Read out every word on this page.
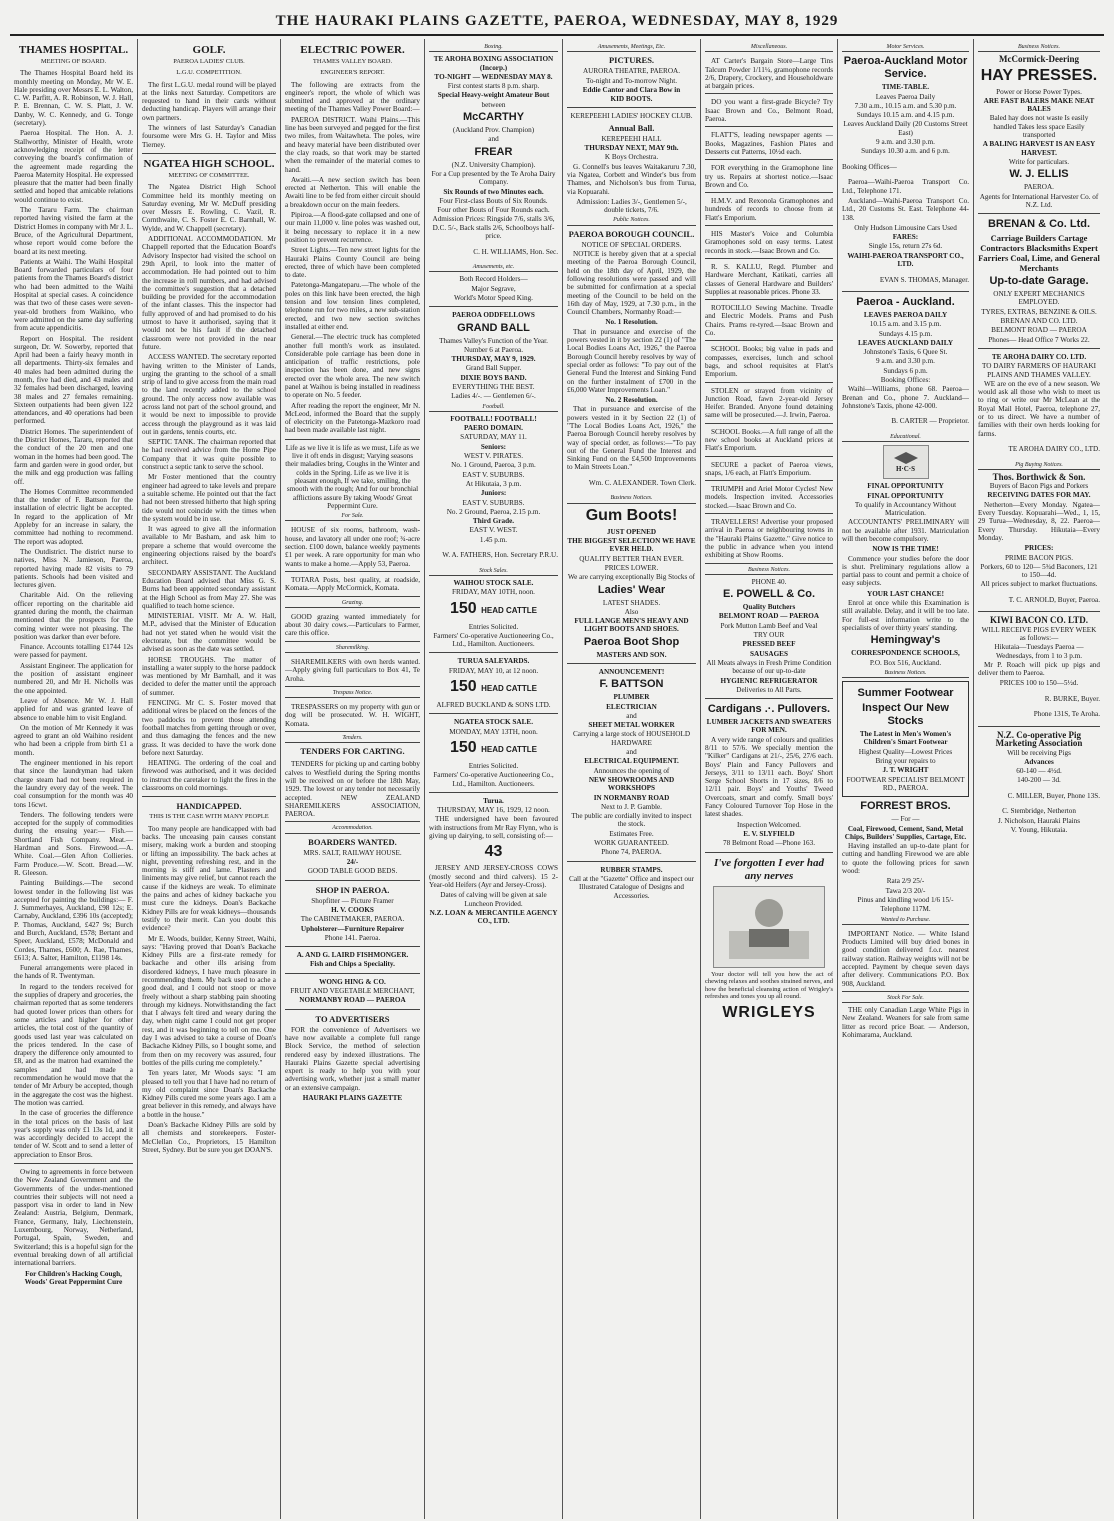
THE HAURAKI PLAINS GAZETTE, PAEROA, WEDNESDAY, MAY 8, 1929
THAMES HOSPITAL.
MEETING OF BOARD.

The Thames Hospital Board held its monthly meeting on Monday, Mr W. E. Hale presiding over Messrs E. L. Walton, C. W. Parfitt, A. R. Robinson, W. J. Hall, P. E. Brennan, C. W. S. Platt, J. W. Danby, W. C. Kennedy, and G. Tonge (secretary).

Paeroa Hospital. The Hon. A. J. Stallworthy, Minister of Health, wrote acknowledging receipt of the letter conveying the board's confirmation of the agreement made regarding the Paeroa Maternity Hospital. He expressed pleasure that the matter had been finally settled and hoped that amicable relations would continue to exist.

The Tararu Farm. The chairman reported having visited the farm at the District Homes in company with Mr J. L. Bruce, of the Agricultural Department, whose report would come before the board at its next meeting.

Patients at Waihi. The Waihi Hospital Board forwarded particulars of four patients from the Thames Board's district who had been admitted to the Waihi Hospital at special cases. A coincidence was that two of these cases were seven-year-old brothers from Waikino, who were admitted on the same day suffering from acute appendicitis.

Report on Hospital. The resident surgeon, Dr. W. Sowerby, reported that April had been a fairly heavy month in all departments. Thirty-six females and 40 males had been admitted during the month, five had died, and 43 males and 32 females had been discharged, leaving 38 males and 27 females remaining. Sixteen outpatients had been given 122 attendances, and 40 operations had been performed.

District Homes. The superintendent of the District Homes, Tararu, reported that the conduct of the 20 men and one woman in the homes had been good. The farm and garden were in good order, but the milk and egg production was falling off.

The Homes Committee recommended that the tender of F. Battson for the installation of electric light be accepted. In regard to the application of Mr Appleby for an increase in salary, the committee had nothing to recommend. The report was adopted.

The Outdistrict. The district nurse to natives, Miss N. Jamieson, Paeroa, reported having made 82 visits to 79 patients. Schools had been visited and lectures given.

Charitable Aid. On the relieving officer reporting on the charitable aid granted during the month, the chairman mentioned that the prospects for the coming winter were not pleasing. The position was darker than ever before.

Finance. Accounts totalling £1744 12s were passed for payment.

Assistant Engineer. The application for the position of assistant engineer numbered 20, and Mr H. Nicholls was the one appointed.

Leave of Absence. Mr W. J. Hall applied for and was granted leave of absence to enable him to visit England.

On the motion of Mr Kennedy it was agreed to grant an old Waihino resident who had been a cripple from birth £1 a month.

The engineer mentioned in his report that since the laundryman had taken charge steam had not been required in the laundry every day of the week. The coal consumption for the month was 40 tons 16cwt.

Tenders. The following tenders were accepted for the supply of commodities during the ensuing year:— Fish.—Shortland Fish Company. Meat.—Hardman and Sons. Firewood.—A. White. Coal.—Glen Afton Collieries. Farm Produce.—W. Scott. Bread.—W. R. Gleeson.

Painting Buildings.—The second lowest tender in the following list was accepted for painting the buildings:— F. J. Summerhayes, Auckland, £98 12s; E. Carnaby, Auckland, £396 10s (accepted); P. Thomas, Auckland, £427 9s; Burch and Burch, Auckland, £578; Bertant and Speer, Auckland, £578; McDonald and Cordes, Thames, £600; A. Rae, Thames, £613; A. Salter, Hamilton, £1198 14s.

Funeral arrangements were placed in the hands of R. Twentyman.

In regard to the tenders received for the supplies of drapery and groceries, the chairman reported that as some tenderers had quoted lower prices than others for some articles and higher for other articles, the total cost of the quantity of goods used last year was calculated on the prices tendered. In the case of drapery the difference only amounted to £8, and as the matron had examined the samples and had made a recommendation he would move that the tender of Mr Arbury be accepted, though in the aggregate the cost was the highest. The motion was carried.

In the case of groceries the difference in the total prices on the basis of last year's supply was only £1 13s 1d, and it was accordingly decided to accept the tender of W. Scott and to send a letter of appreciation to Ensor Bros.

Owing to agreements in force between the New Zealand Government and the Governments of the under-mentioned countries their subjects will not need a passport visa in order to land in New Zealand: Austria, Belgium, Denmark, France, Germany, Italy, Liechtenstein, Luxembourg, Norway, Netherland, Portugal, Spain, Sweden, and Switzerland; this is a hopeful sign for the eventual breaking down of all artificial international barriers.

For Children's Hacking Cough, Woods' Great Peppermint Cure

GOLF.
PAEROA LADIES' CLUB.
L.G.U. COMPETITION.

The first L.G.U. medal round will be played at the links next Saturday. Competitors are requested to hand in their cards without deducting handicap. Players will arrange their own partners.

The winners of last Saturday's Canadian foursome were Mrs G. H. Taylor and Miss Tierney.

NGATEA HIGH SCHOOL.
MEETING OF COMMITTEE.

The Ngatea District High School Committee held its monthly meeting on Saturday evening, Mr W. McDuff presiding over Messrs E. Rowling, C. Vazil, R. Cornthwaite, C. S. Foster E. C. Barnhall, W. Wylde, and W. Chappell (secretary).

ADDITIONAL ACCOMMODATION. Mr Chappell reported that the Education Board's Advisory Inspector had visited the school on 29th April, to look into the matter of accommodation. He had pointed out to him the increase in roll numbers, and had advised the committee's suggestion that a detached building be provided for the accommodation of the infant classes. This the inspector had fully approved of and had promised to do his utmost to have it authorised, saying that it would not be his fault if the detached classroom were not provided in the near future.

ACCESS WANTED. The secretary reported having written to the Minister of Lands, urging the granting to the school of a small strip of land to give access from the main road to the land recently added to the school ground. The only access now available was across land not part of the school ground, and it would be next to impossible to provide access through the playground as it was laid out in gardens, tennis courts, etc.

SEPTIC TANK. The chairman reported that he had received advice from the Home Pipe Company that it was quite possible to construct a septic tank to serve the school.

Mr Foster mentioned that the country engineer had agreed to take levels and prepare a suitable scheme. He pointed out that the fact had not been stressed hitherto that high spring tide would not coincide with the times when the system would be in use.

It was agreed to give all the information available to Mr Basham, and ask him to prepare a scheme that would overcome the engineering objections raised by the board's architect.

SECONDARY ASSISTANT. The Auckland Education Board advised that Miss G. S. Burns had been appointed secondary assistant at the High School as from May 27. She was qualified to teach home science.

MINISTERIAL VISIT. Mr A. W. Hall, M.P., advised that the Minister of Education had not yet stated when he would visit the electorate, but the committee would be advised as soon as the date was settled.

HORSE TROUGHS. The matter of installing a water supply to the horse paddock was mentioned by Mr Barnhall, and it was decided to defer the matter until the approach of summer.

FENCING. Mr C. S. Foster moved that additional wires be placed on the fences of the two paddocks to prevent those attending football matches from getting through or over, and thus damaging the fences and the new grass. It was decided to have the work done before next Saturday.

HEATING. The ordering of the coal and firewood was authorised, and it was decided to instruct the caretaker to light the fires in the classrooms on cold mornings.

HANDICAPPED.
THIS IS THE CASE WITH MANY PEOPLE

Too many people are handicapped with bad backs. The unceasing pain causes constant misery, making work a burden and stooping or lifting an impossibility. The back aches at night, preventing refreshing rest, and in the morning is stiff and lame. Plasters and liniments may give relief, but cannot reach the cause if the kidneys are weak. To eliminate the pains and aches of kidney backache you must cure the kidneys. Doan's Backache Kidney Pills are for weak kidneys—thousands testify to their merit. Can you doubt this evidence?

Mr E. Woods, builder, Kenny Street, Waihi, says: "Having proved that Doan's Backache Kidney Pills are a first-rate remedy for backache and other ills arising from disordered kidneys, I have much pleasure in recommending them. My back used to ache a good deal, and I could not stoop or move freely without a sharp stabbing pain shooting through my kidneys. Notwithstanding the fact that I always felt tired and weary during the day, when night came I could not get proper rest, and it was beginning to tell on me. One day I was advised to take a course of Doan's Backache Kidney Pills, so I bought some, and from then on my recovery was assured, four bottles of the pills curing me completely."

Ten years later, Mr Woods says: "I am pleased to tell you that I have had no return of my old complaint since Doan's Backache Kidney Pills cured me some years ago. I am a great believer in this remedy, and always have a bottle in the house."

Doan's Backache Kidney Pills are sold by all chemists and storekeepers. Foster-McClellan Co., Proprietors, 15 Hamilton Street, Sydney. But be sure you get DOAN'S.

ELECTRIC POWER.
THAMES VALLEY BOARD.
ENGINEER'S REPORT.

The following are extracts from the engineer's report, the whole of which was submitted and approved at the ordinary meeting of the Thames Valley Power Board:—

PAEROA DISTRICT. Waihi Plains.—This line has been surveyed and pegged for the first two miles, from Waitawheta. The poles, wire and heavy material have been distributed over the clay roads, so that work may be started when the remainder of the material comes to hand.

Awaiti.—A new section switch has been erected at Netherton. This will enable the Awaiti line to be fed from either circuit should a breakdown occur on the main feeders.

Pipiroa.—A flood-gate collapsed and one of our main 11,000 v. line poles was washed out, it being necessary to replace it in a new position to prevent recurrence.

Street Lights.—Ten new street lights for the Hauraki Plains County Council are being erected, three of which have been completed to date.

Patetonga-Mangateparu.—The whole of the poles on this link have been erected, the high tension and low tension lines completed, telephone run for two miles, a new sub-station erected, and two new section switches installed at either end.

General.—The electric truck has completed another full month's work as insulated. Considerable pole carriage has been done in anticipation of traffic restrictions, pole inspection has been done, and new signs erected over the whole area. The new switch panel at Waihou is being installed in readiness to operate on No. 5 feeder.

After reading the report the engineer, Mr N. McLeod, informed the Board that the supply of electricity on the Patetonga-Mazkoro road had been made available last night.

Life as we live it is life as we must, Life as we live it oft ends in disgust; Varying seasons their maladies bring, Coughs in the Winter and colds in the Spring. Life as we live it is pleasant enough, If we take, smiling, the smooth with the rough; And for our bronchial afflictions assure By taking Woods' Great Peppermint Cure.

For Sale.

HOUSE of six rooms, bathroom, wash-house, and lavatory all under one roof; ¾-acre section. £100 down, balance weekly payments £1 per week. A rare opportunity for man who wants to make a home.—Apply 53, Paeroa.

TOTARA Posts, best quality, at roadside, Komata.—Apply McCormick, Komata.

Grazing.

GOOD grazing wanted immediately for about 30 dairy cows.—Particulars to Farmer, care this office.

Sharemilking.

SHAREMILKERS with own herds wanted.—Apply giving full particulars to Box 41, Te Aroha.

Trespass Notice.

TRESPASSERS on my property with gun or dog will be prosecuted. W. H. WIGHT, Komata.

Tenders.
TENDERS FOR CARTING.

TENDERS for picking up and carting bobby calves to Westfield during the Spring months will be received on or before the 18th May, 1929. The lowest or any tender not necessarily accepted. NEW ZEALAND SHAREMILKERS ASSOCIATION, PAEROA.

Accommodation.
BOARDERS WANTED.

MRS. SALT, RAILWAY HOUSE.

24/-

GOOD TABLE GOOD BEDS.

SHOP IN PAEROA.

Shopfitter — Picture Framer

H. V. COOKS

The CABINETMAKER, PAEROA.

Upholsterer—Furniture Repairer

Phone 141. Paeroa.

A. AND G. LAIRD FISHMONGER.

Fish and Chips a Speciality.

WONG HING & CO.

FRUIT AND VEGETABLE MERCHANT,

NORMANBY ROAD — PAEROA

TO ADVERTISERS

FOR the convenience of Advertisers we have now available a complete full range Block Service, the method of selection rendered easy by indexed illustrations. The Hauraki Plains Gazette special advertising expert is ready to help you with your advertising work, whether just a small matter or an extensive campaign.

HAURAKI PLAINS GAZETTE

Boxing.

TE AROHA BOXING ASSOCIATION (Incorp.)

TO-NIGHT — WEDNESDAY MAY 8.

First contest starts 8 p.m. sharp.

Special Heavy-weight Amateur Bout

between

McCARTHY

(Auckland Prov. Champion)

and

FREAR

(N.Z. University Champion).

For a Cup presented by the Te Aroha Dairy Company.

Six Rounds of two Minutes each.

Four First-class Bouts of Six Rounds.

Four other Bouts of Four Rounds each.

Admission Prices: Ringside 7/6, stalls 3/6, D.C. 5/-, Back stalls 2/6, Schoolboys half-price.

C. H. WILLIAMS, Hon. Sec.

Amusements, etc.

Both Record Holders—

Major Segrave,

World's Motor Speed King.

PAEROA ODDFELLOWS

GRAND BALL

Thames Valley's Function of the Year.

Number 6 at Paeroa.

THURSDAY, MAY 9, 1929.

Grand Ball Supper.

DIXIE BOYS BAND.

EVERYTHING THE BEST.

Ladies 4/-. — Gentlemen 6/-.

Football.

FOOTBALL! FOOTBALL!

PAERO DOMAIN.

SATURDAY, MAY 11.

Seniors:

WEST V. PIRATES.

No. 1 Ground, Paeroa, 3 p.m.

EAST V. SUBURBS.

At Hikutaia, 3 p.m.

Juniors:

EAST V. SUBURBS.

No. 2 Ground, Paeroa, 2.15 p.m.

Third Grade.

EAST V. WEST.

1.45 p.m.

W. A. FATHERS, Hon. Secretary P.R.U.

Stock Sales.

WAIHOU STOCK SALE.

FRIDAY, MAY 10TH, noon.

150 HEAD CATTLE

Entries Solicited.

Farmers' Co-operative Auctioneering Co., Ltd., Hamilton. Auctioneers.

TURUA SALEYARDS.

FRIDAY, MAY 10, at 12 noon.

150 HEAD CATTLE

ALFRED BUCKLAND & SONS LTD.

NGATEA STOCK SALE.

MONDAY, MAY 13TH, noon.

150 HEAD CATTLE

Entries Solicited.

Farmers' Co-operative Auctioneering Co., Ltd., Hamilton. Auctioneers.

Turua.

THURSDAY, MAY 16, 1929, 12 noon.

THE undersigned have been favoured with instructions from Mr Ray Flynn, who is giving up dairying, to sell, consisting of:—

43

JERSEY AND JERSEY-CROSS COWS (mostly second and third calvers). 15 2-Year-old Heifers (Ayr and Jersey-Cross).

Dates of calving will be given at sale Luncheon Provided.

N.Z. LOAN & MERCANTILE AGENCY CO., LTD.

Amusements, Meetings, Etc.
PICTURES.

AURORA THEATRE, PAEROA.

To-night and To-morrow Night.

Eddie Cantor and Clara Bow in

KID BOOTS.

KEREPEEHI LADIES' HOCKEY CLUB.

Annual Ball.

KEREPEEHI HALL

THURSDAY NEXT, MAY 9th.

K Boys Orchestra.

G. Connell's bus leaves Waitakaruru 7.30, via Ngatea, Corbett and Winder's bus from Thames, and Nicholson's bus from Turua, via Kopuarahi.

Admission: Ladies 3/-, Gentlemen 5/-, double tickets, 7/6.

Public Notices.
PAEROA BOROUGH COUNCIL.

NOTICE OF SPECIAL ORDERS.

NOTICE is hereby given that at a special meeting of the Paeroa Borough Council, held on the 18th day of April, 1929, the following resolutions were passed and will be submitted for confirmation at a special meeting of the Council to be held on the 16th day of May, 1929, at 7.30 p.m., in the Council Chambers, Normanby Road:—

No. 1 Resolution.

That in pursuance and exercise of the powers vested in it by section 22 (1) of "The Local Bodies Loans Act, 1926," the Paeroa Borough Council hereby resolves by way of special order as follows: "To pay out of the General Fund the Interest and Sinking Fund on the further instalment of £700 in the £6,000 Water Improvements Loan."

No. 2 Resolution.

That in pursuance and exercise of the powers vested in it by Section 22 (1) of "The Local Bodies Loans Act, 1926," the Paeroa Borough Council hereby resolves by way of special order, as follows:—"To pay out of the General Fund the Interest and Sinking Fund on the £4,500 Improvements to Main Streets Loan."

Wm. C. ALEXANDER. Town Clerk.

Business Notices.
Gum Boots!

JUST OPENED

THE BIGGEST SELECTION WE HAVE EVER HELD.

QUALITY BETTER THAN EVER.

PRICES LOWER.

We are carrying exceptionally Big Stocks of

Ladies' Wear

LATEST SHADES.

Also

FULL LANGE MEN'S HEAVY AND LIGHT BOOTS AND SHOES.

Paeroa Boot Shop

MASTERS AND SON.

ANNOUNCEMENT!

F. BATTSON

PLUMBER

ELECTRICIAN

and

SHEET METAL WORKER

Carrying a large stock of HOUSEHOLD HARDWARE

and

ELECTRICAL EQUIPMENT.

Announces the opening of

NEW SHOWROOMS AND WORKSHOPS

IN NORMANBY ROAD

Next to J. P. Gamble.

The public are cordially invited to inspect the stock.

Estimates Free.

WORK GUARANTEED.

Phone 74, PAEROA.

RUBBER STAMPS.

Call at the "Gazette" Office and inspect our Illustrated Catalogue of Designs and Accessories.

Miscellaneous.

AT Carter's Bargain Store—Large Tins Talcum Powder 1/11¼, gramophone records 2/6, Drapery, Crockery, and Householdware at bargain prices.

DO you want a first-grade Bicycle? Try Isaac Brown and Co., Belmont Road, Paeroa.

FLATT'S, leading newspaper agents — Books, Magazines, Fashion Plates and Desserts cut Patterns, 10½d each.

FOR everything in the Gramophone line try us. Repairs at shortest notice.—Isaac Brown and Co.

H.M.V. and Rexonola Gramophones and hundreds of records to choose from at Flatt's Emporium.

HIS Master's Voice and Columbia Gramophones sold on easy terms. Latest records in stock.—Isaac Brown and Co.

R. S. KALLU, Regd. Plumber and Hardware Merchant, Katikati, carries all classes of General Hardware and Builders' Supplies at reasonable prices. Phone 33.

ROTOCILLO Sewing Machine. Treadle and Electric Models. Prams and Push Chairs. Prams re-tyred.—Isaac Brown and Co.

SCHOOL Books; big value in pads and compasses, exercises, lunch and school bags, and school requisites at Flatt's Emporium.

STOLEN or strayed from vicinity of Junction Road, fawn 2-year-old Jersey Heifer. Branded. Anyone found detaining same will be prosecuted.—J. Irwin, Paeroa.

SCHOOL Books.—A full range of all the new school books at Auckland prices at Flatt's Emporium.

SECURE a packet of Paeroa views, snaps, 1/6 each, at Flatt's Emporium.

TRIUMPH and Ariel Motor Cycles! New models. Inspection invited. Accessories stocked.—Isaac Brown and Co.

TRAVELLERS! Advertise your proposed arrival in Paeroa or neighbouring towns in the "Hauraki Plains Gazette." Give notice to the public in advance when you intend exhibiting at Show Rooms.

Business Notices.

PHONE 40.

E. POWELL & Co.

Quality Butchers

BELMONT ROAD — PAEROA

Pork Mutton Lamb Beef and Veal

TRY OUR

PRESSED BEEF

SAUSAGES

All Meats always in Fresh Prime Condition because of our up-to-date

HYGIENIC REFRIGERATOR

Deliveries to All Parts.

Cardigans .·. Pullovers.

LUMBER JACKETS AND SWEATERS FOR MEN.

A very wide range of colours and qualities 8/11 to 57/6. We specially mention the "Kilker" Cardigans at 21/-, 25/6, 27/6 each. Boys' Plain and Fancy Pullovers and Jerseys, 3/11 to 13/11 each. Boys' Short Serge School Shorts in 17 sizes, 8/6 to 12/11 pair. Boys' and Youths' Tweed Overcoats, smart and comfy. Small boys' Fancy Coloured Turnover Top Hose in the latest shades.

Inspection Welcomed.

E. V. SLYFIELD

78 Belmont Road —Phone 163.

I've forgotten I ever had any nerves

Your doctor will tell you how the act of chewing relaxes and soothes strained nerves, and how the beneficial cleansing action of Wrigley's refreshes and tones you up all round.

WRIGLEYS
Motor Services.
Paeroa-Auckland Motor Service.

TIME-TABLE.

Leaves Paeroa Daily

7.30 a.m., 10.15 a.m. and 5.30 p.m.

Sundays 10.15 a.m. and 4.15 p.m.

Leaves Auckland Daily (20 Customs Street East)

9 a.m. and 3.30 p.m.

Sundays 10.30 a.m. and 6 p.m.

Booking Offices—

Paeroa—Waihi-Paeroa Transport Co. Ltd., Telephone 171.

Auckland—Waihi-Paeroa Transport Co. Ltd., 20 Customs St. East. Telephone 44-138.

Only Hudson Limousine Cars Used

FARES:

Single 15s, return 27s 6d.

WAIHI-PAEROA TRANSPORT CO., LTD.

EVAN S. THOMAS, Manager.

Paeroa - Auckland.

LEAVES PAEROA DAILY

10.15 a.m. and 3.15 p.m.

Sundays 4.15 p.m.

LEAVES AUCKLAND DAILY

Johnstone's Taxis, 6 Quee St.

9 a.m. and 3.30 p.m.

Sundays 6 p.m.

Booking Offices:

Waihi—Williams, phone 68. Paeroa—Brenan and Co., phone 7. Auckland—Johnstone's Taxis, phone 42-000.

B. CARTER — Proprietor.

Educational.
H·C·S

FINAL OPPORTUNITY

FINAL OPPORTUNITY

To qualify in Accountancy Without Matriculation.

ACCOUNTANTS' PRELIMINARY will not be available after 1931. Matriculation will then become compulsory.

NOW IS THE TIME!

Commence your studies before the door is shut. Preliminary regulations allow a partial pass to count and permit a choice of easy subjects.

YOUR LAST CHANCE!

Enrol at once while this Examination is still available. Delay, and it will be too late. For full-est information write to the specialists of over thirty years' standing.

Hemingway's

CORRESPONDENCE SCHOOLS,

P.O. Box 516, Auckland.

Business Notices.
Summer Footwear
Inspect Our New Stocks

The Latest in Men's Women's Children's Smart Footwear

Highest Quality—Lowest Prices

Bring your repairs to

J. T. WRIGHT

FOOTWEAR SPECIALIST BELMONT RD., PAEROA.

FORREST BROS.

— For —

Coal, Firewood, Cement, Sand, Metal Chips, Builders' Supplies, Cartage, Etc.

Having installed an up-to-date plant for cutting and handling Firewood we are able to quote the following prices for sawn wood:

Rata 2/9 25/-

Tawa 2/3 20/-

Pinus and kindling wood 1/6 15/-

Telephone 117M.

Wanted to Purchase.

IMPORTANT Notice. — White Island Products Limited will buy dried bones in good condition delivered f.o.r. nearest railway station. Railway weights will not be accepted. Payment by cheque seven days after delivery. Communications P.O. Box 908, Auckland.

Stock For Sale.

THE only Canadian Large White Pigs in New Zealand. Weaners for sale from same litter as record price Boar. — Anderson, Kohimarama, Auckland.

Business Notices.

McCormick-Deering

HAY PRESSES.

Power or Horse Power Types.

ARE FAST BALERS MAKE NEAT BALES

Baled hay does not waste Is easily handled Takes less space Easily transported

A BALING HARVEST IS AN EASY HARVEST.

Write for particulars.

W. J. ELLIS

PAEROA.

Agents for International Harvester Co. of N.Z. Ltd.

BRENAN & Co. Ltd.

Carriage Builders Cartage Contractors Blacksmiths Expert Farriers Coal, Lime, and General Merchants

Up-to-date Garage.

ONLY EXPERT MECHANICS EMPLOYED.

TYRES, EXTRAS, BENZINE & OILS.

BRENAN AND CO. LTD.

BELMONT ROAD — PAEROA

Phones— Head Office 7 Works 22.

TE AROHA DAIRY CO. LTD.

TO DAIRY FARMERS OF HAURAKI PLAINS AND THAMES VALLEY.

WE are on the eve of a new season. We would ask all those who wish to meet us to ring or write our Mr McLean at the Royal Mail Hotel, Paeroa, telephone 27, or to us direct. We have a number of families with their own herds looking for farms.

TE AROHA DAIRY CO., LTD.

Pig Buying Notices.

Thos. Borthwick & Son.

Buyers of Bacon Pigs and Porkers

RECEIVING DATES FOR MAY.

Netherton—Every Monday. Ngatea—Every Tuesday. Kopuarahi—Wed., 1, 15, 29 Turua—Wednesday, 8, 22. Paeroa—Every Thursday. Hikutaia—Every Monday.

PRICES:

PRIME BACON PIGS.

Porkers, 60 to 120— 5¾d Baconers, 121 to 150—4d.

All prices subject to market fluctuations.

T. C. ARNOLD, Buyer, Paeroa.

KIWI BACON CO. LTD.

WILL RECEIVE PIGS EVERY WEEK as follows:—

Hikutaia—Tuesdays Paeroa — Wednesdays, from 1 to 3 p.m.

Mr P. Roach will pick up pigs and deliver them to Paeroa.

PRICES 100 to 150—5½d.

R. BURKE, Buyer.

Phone 131S, Te Aroha.

N.Z. Co-operative Pig Marketing Association

Will be receiving Pigs

Advances

60-140 — 4½d.

140-200 — 3d.

C. MILLER, Buyer, Phone 13S.

C. Stembridge, Netherton

J. Nicholson, Hauraki Plains

V. Young, Hikutaia.
